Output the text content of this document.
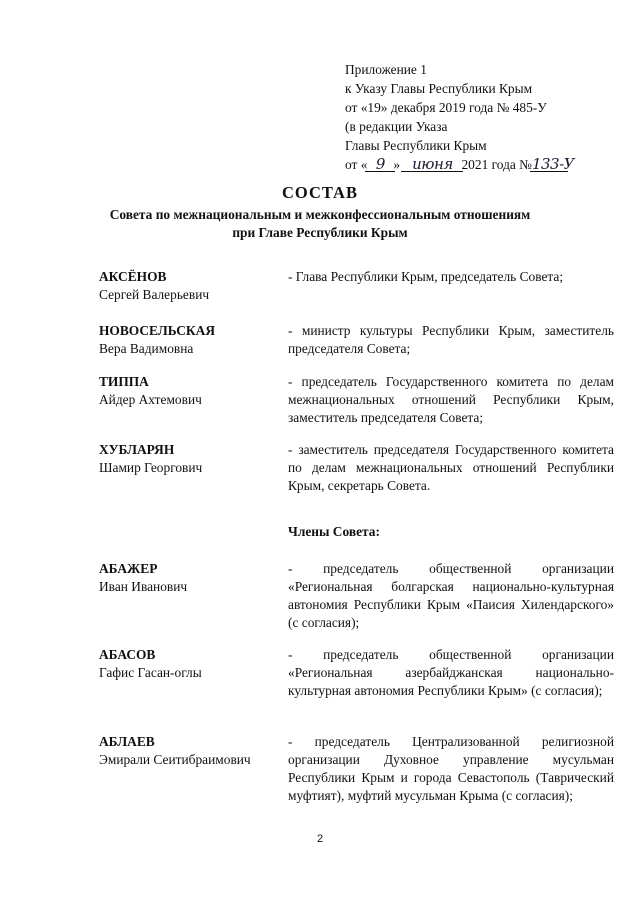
Приложение 1
к Указу Главы Республики Крым
от «19» декабря 2019 года № 485-У
(в редакции Указа
Главы Республики Крым
от « 9 » июня 2021 года №133-У
СОСТАВ
Совета по межнациональным и межконфессиональным отношениям
при Главе Республики Крым
АКСЁНОВ
Сергей Валерьевич
- Глава Республики Крым, председатель Совета;
НОВОСЕЛЬСКАЯ
Вера Вадимовна
- министр культуры Республики Крым, заместитель председателя Совета;
ТИППА
Айдер Ахтемович
- председатель Государственного комитета по делам межнациональных отношений Республики Крым, заместитель председателя Совета;
ХУБЛАРЯН
Шамир Георгович
- заместитель председателя Государственного комитета по делам межнациональных отношений Республики Крым, секретарь Совета.
Члены Совета:
АБАЖЕР
Иван Иванович
- председатель общественной организации «Региональная болгарская национально-культурная автономия Республики Крым «Паисия Хилендарского» (с согласия);
АБАСОВ
Гафис Гасан-оглы
- председатель общественной организации «Региональная азербайджанская национально-культурная автономия Республики Крым» (с согласия);
АБЛАЕВ
Эмирали Сеитибраимович
- председатель Централизованной религиозной организации Духовное управление мусульман Республики Крым и города Севастополь (Таврический муфтият), муфтий мусульман Крыма (с согласия);
2
